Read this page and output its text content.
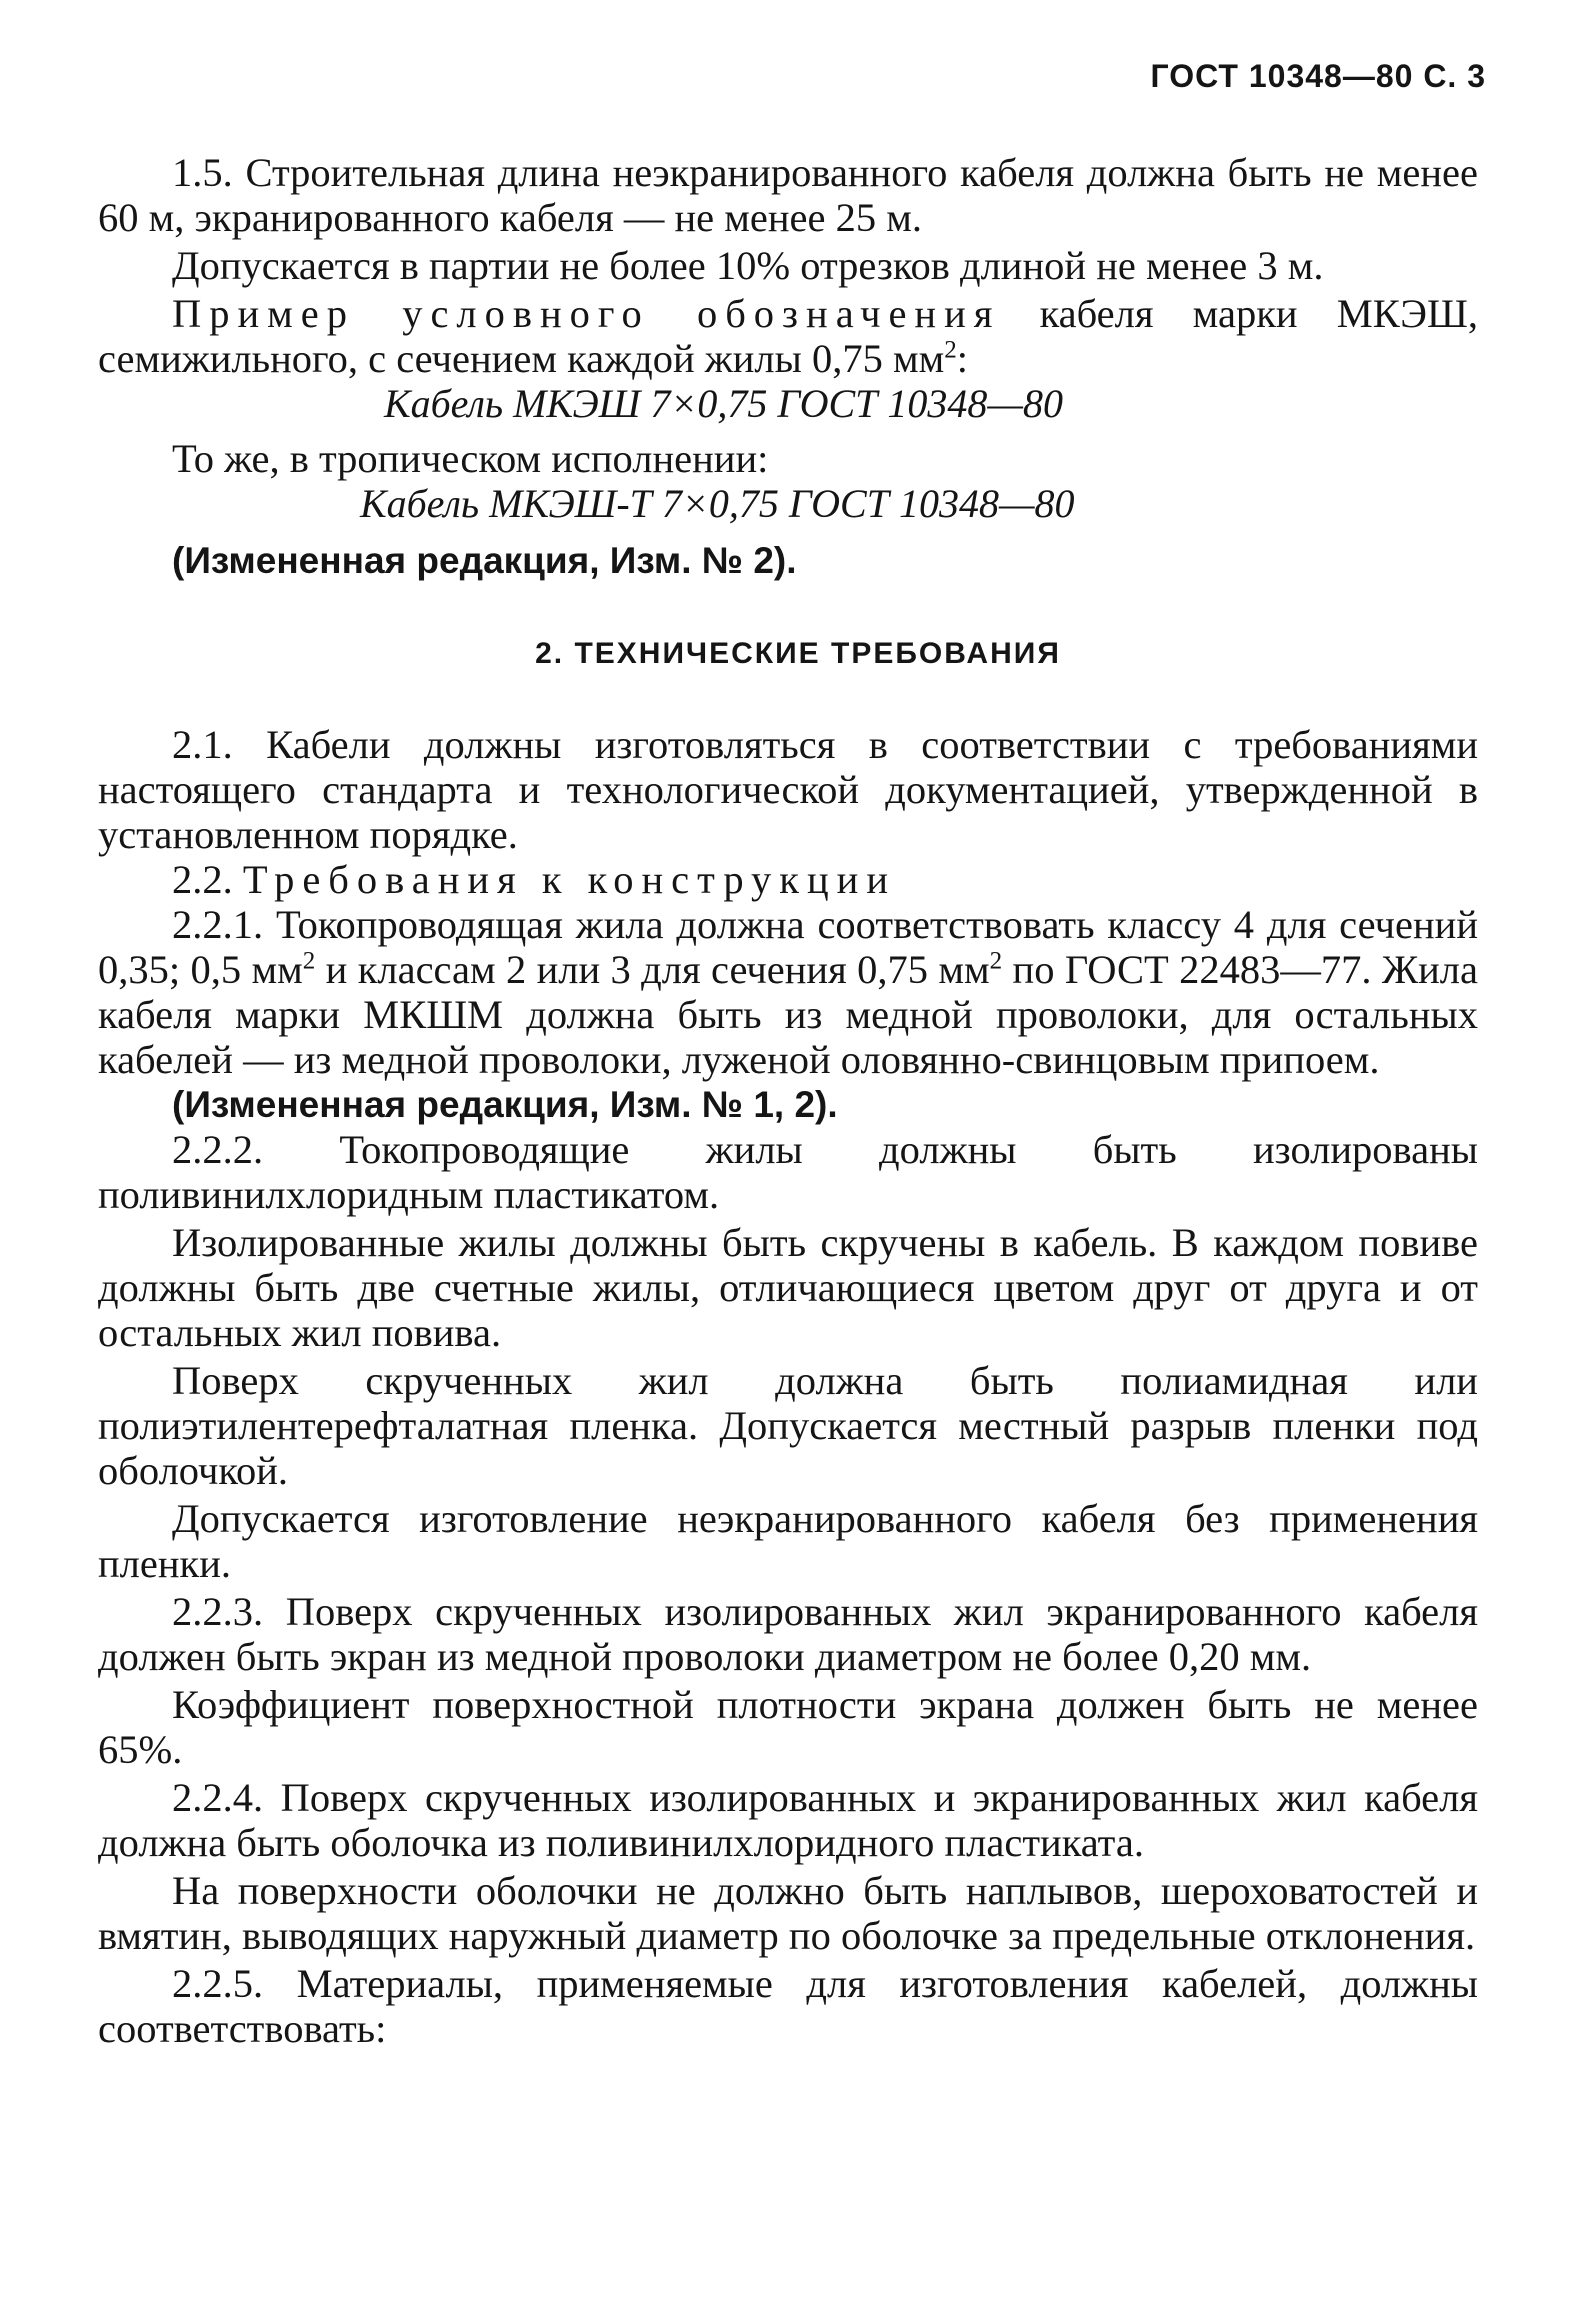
ГОСТ 10348—80 С. 3

1.5. Строительная длина неэкранированного кабеля должна быть не менее 60 м, экранированного кабеля — не менее 25 м.

Допускается в партии не более 10% отрезков длиной не менее 3 м.

Пример условного обозначения кабеля марки МКЭШ, семижильного, с сечением каждой жилы 0,75 $мм^2$:

Кабель МКЭШ 7×0,75 ГОСТ 10348—80

То же, в тропическом исполнении:

Кабель МКЭШ-Т 7×0,75 ГОСТ 10348—80

(Измененная редакция, Изм. № 2).

2. ТЕХНИЧЕСКИЕ ТРЕБОВАНИЯ

2.1. Кабели должны изготовляться в соответствии с требованиями настоящего стандарта и технологической документацией, утвержденной в установленном порядке.

2.2. Требования к конструкции

2.2.1. Токопроводящая жила должна соответствовать классу 4 для сечений 0,35; 0,5 $мм^2$ и классам 2 или 3 для сечения 0,75 $мм^2$ по ГОСТ 22483—77. Жила кабеля марки МКШМ должна быть из медной проволоки, для остальных кабелей — из медной проволоки, луженой оловянно-свинцовым припоем.

(Измененная редакция, Изм. № 1, 2).

2.2.2. Токопроводящие жилы должны быть изолированы поливинилхлоридным пластикатом.

Изолированные жилы должны быть скручены в кабель. В каждом повиве должны быть две счетные жилы, отличающиеся цветом друг от друга и от остальных жил повива.

Поверх скрученных жил должна быть полиамидная или полиэтилентерефталатная пленка. Допускается местный разрыв пленки под оболочкой.

Допускается изготовление неэкранированного кабеля без применения пленки.

2.2.3. Поверх скрученных изолированных жил экранированного кабеля должен быть экран из медной проволоки диаметром не более 0,20 мм.

Коэффициент поверхностной плотности экрана должен быть не менее 65%.

2.2.4. Поверх скрученных изолированных и экранированных жил кабеля должна быть оболочка из поливинилхлоридного пластиката.

На поверхности оболочки не должно быть наплывов, шероховатостей и вмятин, выводящих наружный диаметр по оболочке за предельные отклонения.

2.2.5. Материалы, применяемые для изготовления кабелей, должны соответствовать:
